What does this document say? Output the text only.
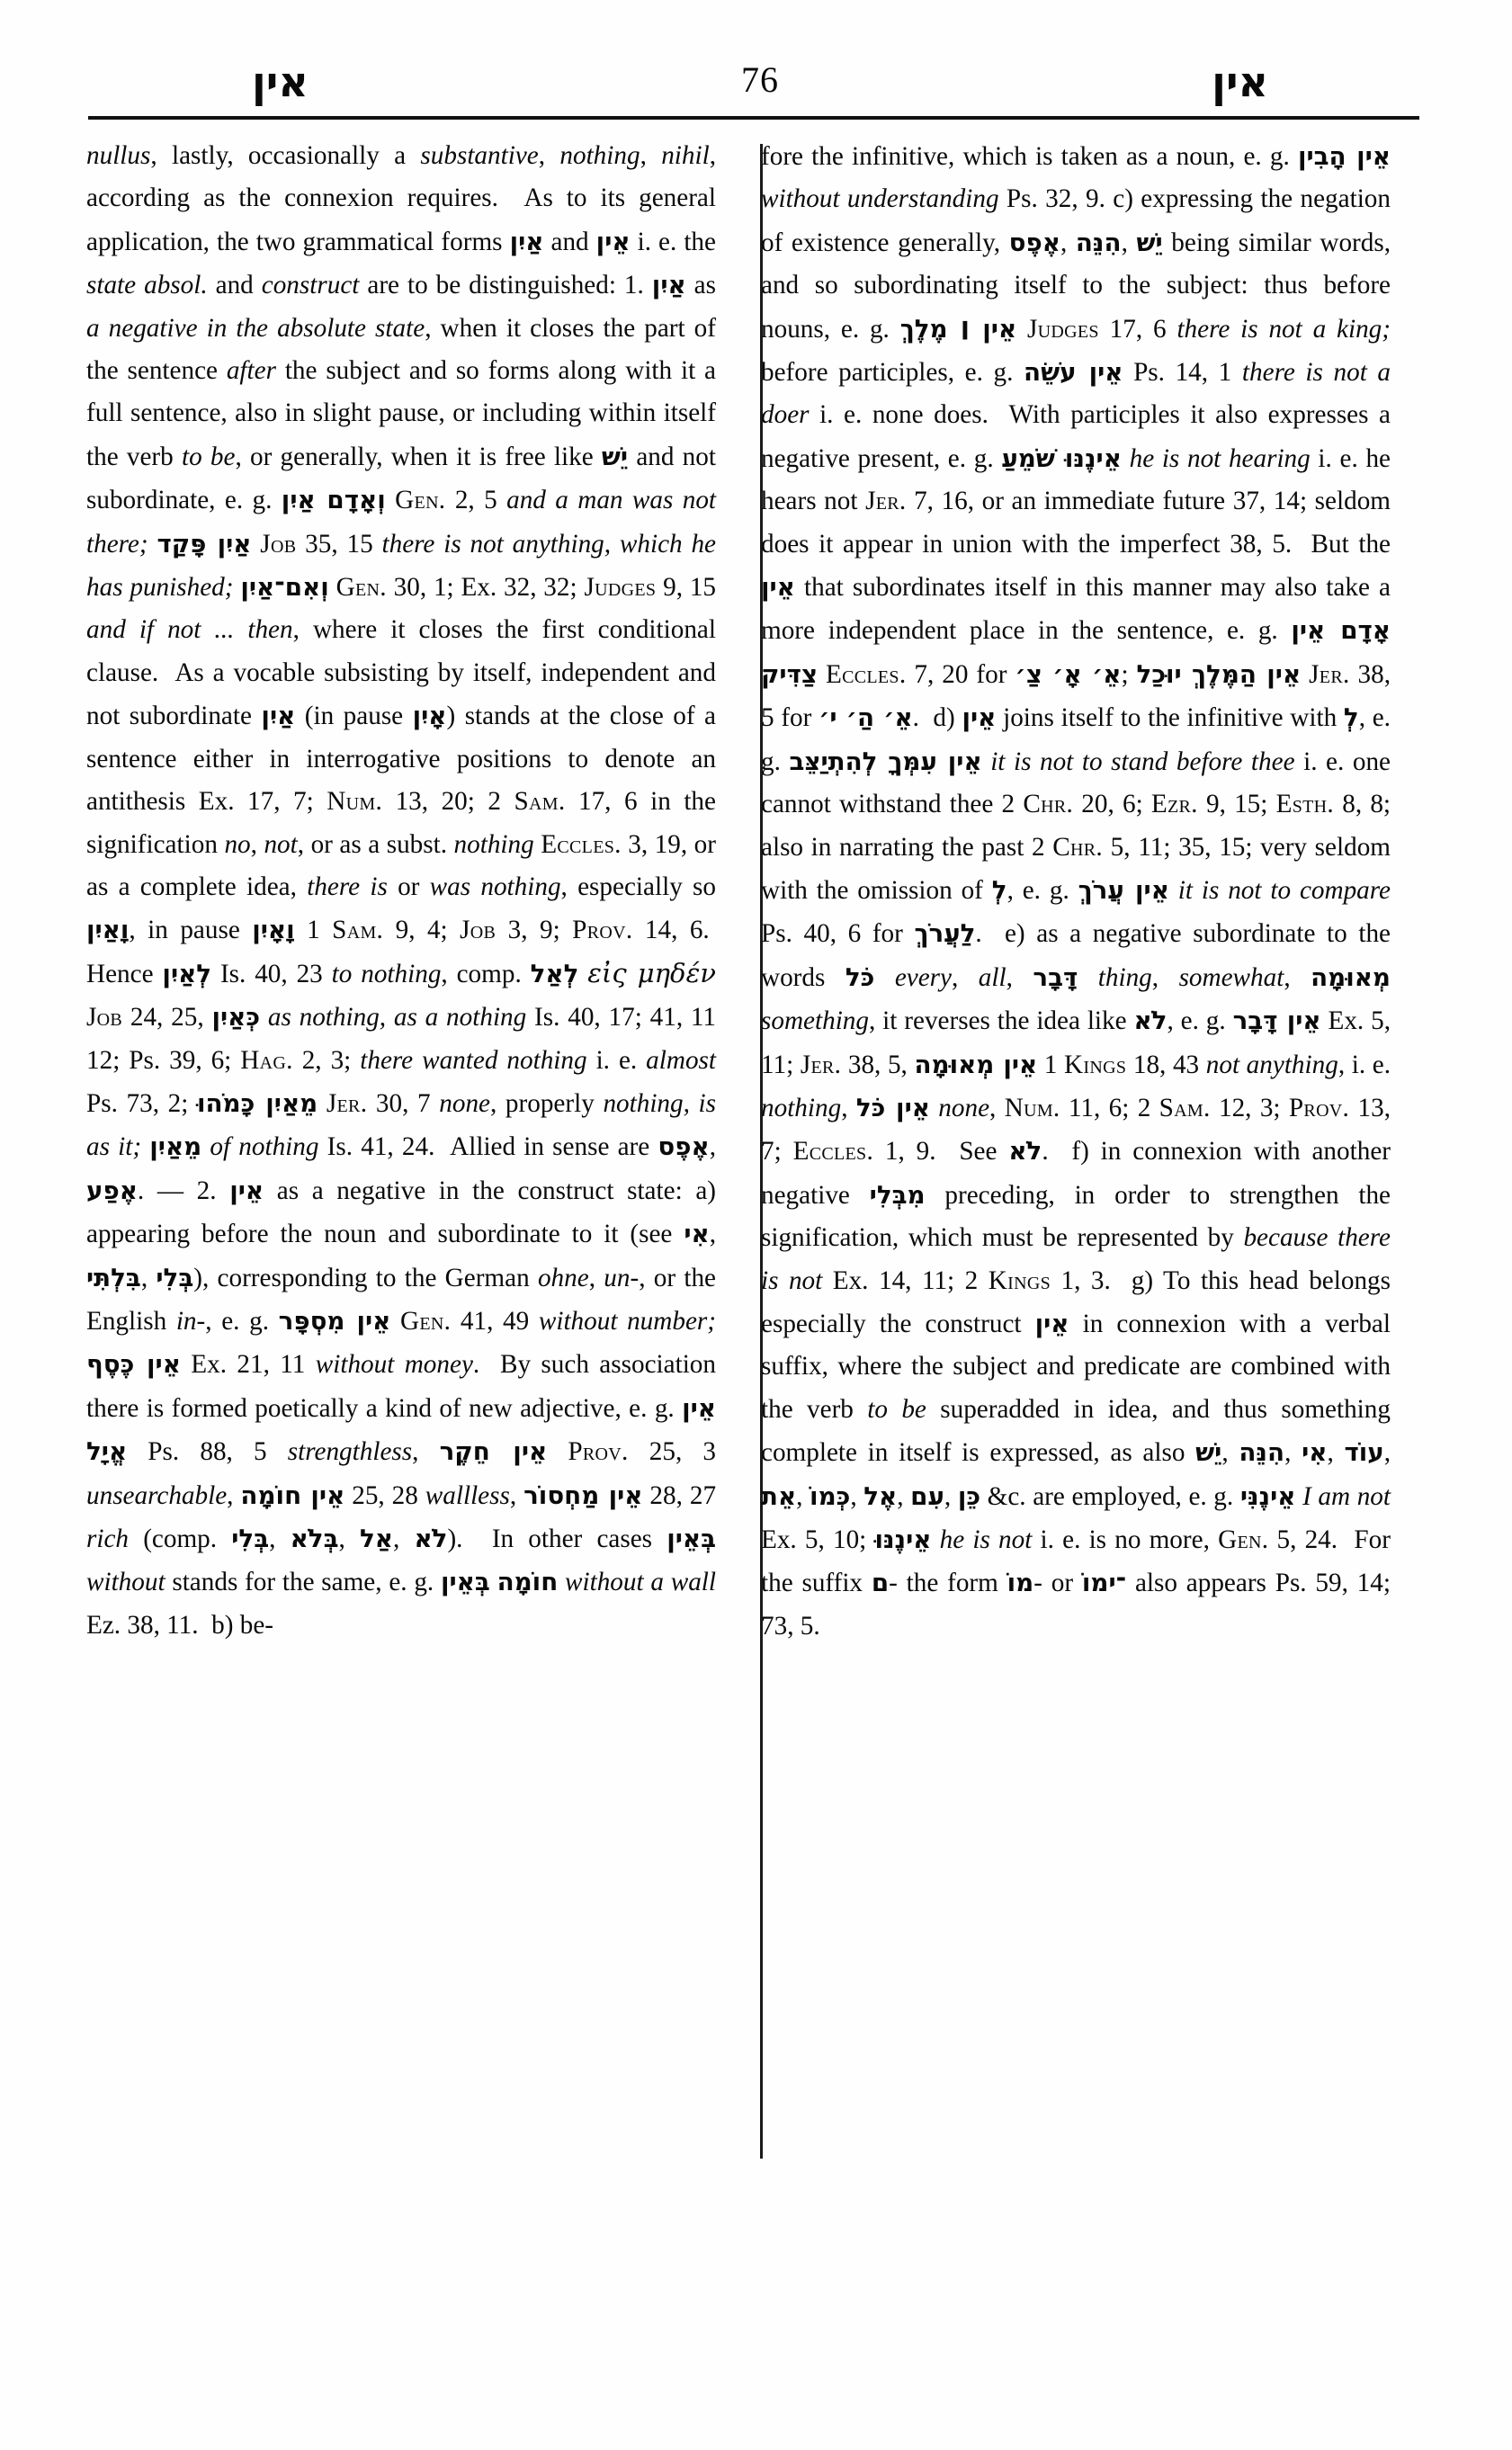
אין	76	אין

nullus, lastly, occasionally a substantive, nothing, nihil, according as the connexion requires.  As to its general application, the two grammatical forms אַיִן and אֵין i. e. the state absol. and construct are to be distinguished: 1. אַיִן as a negative in the absolute state, when it closes the part of the sentence after the subject and so forms along with it a full sentence, also in slight pause, or including within itself the verb to be, or generally, when it is free like יֵשׁ and not subordinate, e. g. וְאָדָם אַיִן Gen. 2, 5 and a man was not there; אַיִן פָּקַד Job 35, 15 there is not anything, which he has punished; וְאִם־אַיִן Gen. 30, 1; Ex. 32, 32; Judges 9, 15 and if not ... then, where it closes the first conditional clause.  As a vocable subsisting by itself, independent and not subordinate אַיִן (in pause אָיִן) stands at the close of a sentence either in interrogative positions to denote an antithesis Ex. 17, 7; Num. 13, 20; 2 Sam. 17, 6 in the signification no, not, or as a subst. nothing Eccles. 3, 19, or as a complete idea, there is or was nothing, especially so וָאַיִן, in pause וָאָיִן 1 Sam. 9, 4; Job 3, 9; Prov. 14, 6.  Hence לְאַיִן Is. 40, 23 to nothing, comp. לְאַל εἰς μηδέν Job 24, 25, כְּאַיִן as nothing, as a nothing Is. 40, 17; 41, 11 12; Ps. 39, 6; Hag. 2, 3; there wanted nothing i. e. almost Ps. 73, 2; מֵאַיִן כָּמֹהוּ Jer. 30, 7 none, properly nothing, is as it; מֵאַיִן of nothing Is. 41, 24.  Allied in sense are אֶפֶס, אֶפַע. — 2. אֵין as a negative in the construct state: a) appearing before the noun and subordinate to it (see אִי, בִּלְתִּי, בְּלִי), corresponding to the German ohne, un-, or the English in-, e. g. אֵין מִסְפָּר Gen. 41, 49 without number; אֵין כֶּסֶף Ex. 21, 11 without money.  By such association there is formed poetically a kind of new adjective, e. g. אֵין אֱיָל Ps. 88, 5 strengthless, אֵין חֵקֶר Prov. 25, 3 unsearchable, אֵין חוֹמָה 25, 28 wallless, אֵין מַחְסוֹר 28, 27 rich (comp. בְּלִי, בְּלֹא, אַל, לֹא).  In other cases בְּאֵין without stands for the same, e. g. בְּאֵין חוֹמָה without a wall Ez. 38, 11.  b) be-

fore the infinitive, which is taken as a noun, e. g. אֵין הָבִין without understanding Ps. 32, 9. c) expressing the negation of existence generally, אֶפֶס, הִנֵּה, יֵשׁ being similar words, and so subordinating itself to the subject: thus before nouns, e. g. אֵין ׀ מֶלֶךְ Judges 17, 6 there is not a king; before participles, e. g. אֵין עֹשֵׂה Ps. 14, 1 there is not a doer i. e. none does.  With participles it also expresses a negative present, e. g. אֵינֶנּוּ שֹׁמֵעַ he is not hearing i. e. he hears not Jer. 7, 16, or an immediate future 37, 14; seldom does it appear in union with the imperfect 38, 5.  But the אֵין that subordinates itself in this manner may also take a more independent place in the sentence, e. g. אָדָם אֵין צַדִּיק Eccles. 7, 20 for אֵ׳ אָ׳ צַ׳; אֵין הַמֶּלֶךְ יוּכַל Jer. 38, 5 for אֵ׳ הַ׳ י׳.  d) אֵין joins itself to the infinitive with לְ, e. g. אֵין עִמְּךָ לְהִתְיַצֵּב it is not to stand before thee i. e. one cannot withstand thee 2 Chr. 20, 6; Ezr. 9, 15; Esth. 8, 8; also in narrating the past 2 Chr. 5, 11; 35, 15; very seldom with the omission of לְ, e. g. אֵין עֲרֹךְ it is not to compare Ps. 40, 6 for לַעֲרֹךְ.  e) as a negative subordinate to the words כֹּל every, all, דָּבָר thing, somewhat, מְאוּמָה something, it reverses the idea like לֹא, e. g. אֵין דָּבָר Ex. 5, 11; Jer. 38, 5, אֵין מְאוּמָה 1 Kings 18, 43 not anything, i. e. nothing, אֵין כֹּל none, Num. 11, 6; 2 Sam. 12, 3; Prov. 13, 7; Eccles. 1, 9.  See לֹא.  f) in connexion with another negative מִבְּלִי preceding, in order to strengthen the signification, which must be represented by because there is not Ex. 14, 11; 2 Kings 1, 3.  g) To this head belongs especially the construct אֵין in connexion with a verbal suffix, where the subject and predicate are combined with the verb to be superadded in idea, and thus something complete in itself is expressed, as also יֵשׁ, הִנֵּה, אִי, עוֹד, אֵת, כְּמוֹ, אֶל, עִם, כֵּן &c. are employed, e. g. אֵינֶנִּי I am not Ex. 5, 10; אֵינֶנּוּ he is not i. e. is no more, Gen. 5, 24.  For the suffix ם- the form מוֹ- or ־ימוֹ also appears Ps. 59, 14; 73, 5.
